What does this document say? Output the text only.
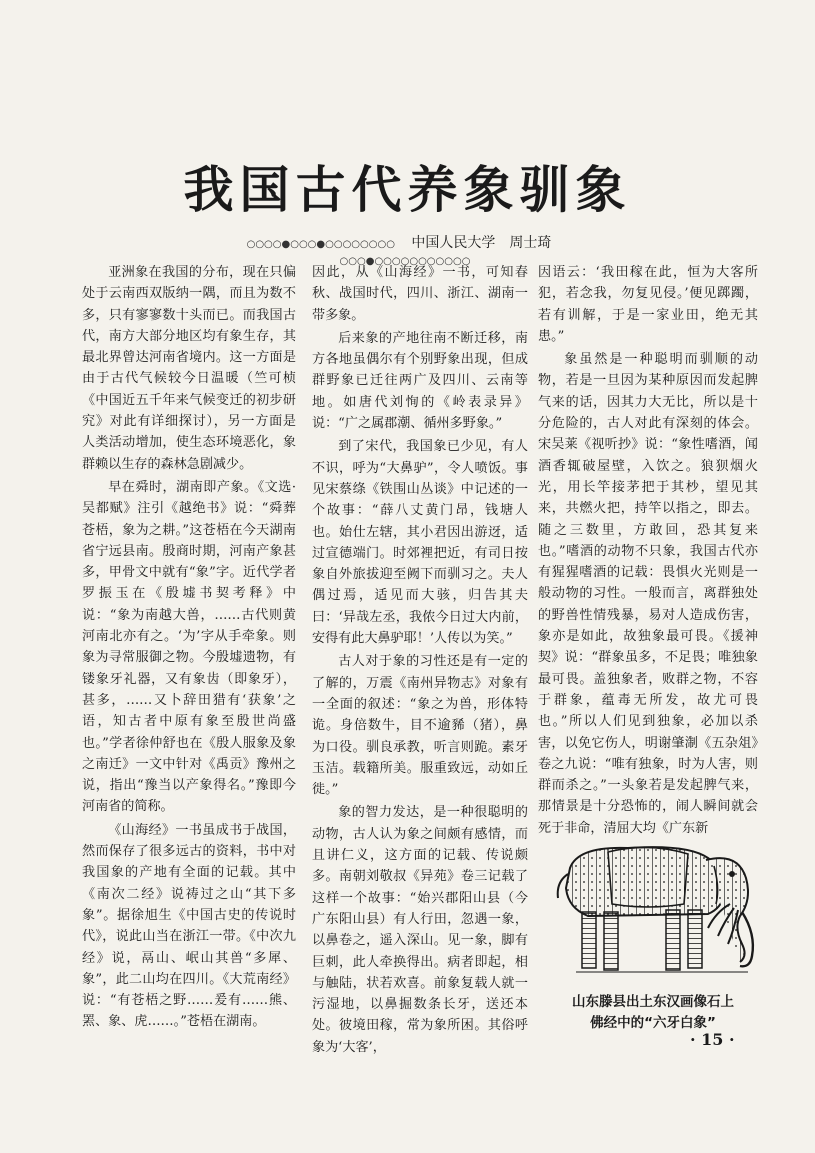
我国古代养象驯象
○○○○●○○○●○○○○○○○○ 中国人民大学　周士琦 ○○○●○○○○○○○○○○○

亚洲象在我国的分布，现在只偏处于云南西双版纳一隅，而且为数不多，只有寥寥数十头而已。而我国古代，南方大部分地区均有象生存，其最北界曾达河南省境内。这一方面是由于古代气候较今日温暖（竺可桢《中国近五千年来气候变迁的初步研究》对此有详细探讨），另一方面是人类活动增加，使生态环境恶化，象群赖以生存的森林急剧减少。

早在舜时，湖南即产象。《文选·吴都赋》注引《越绝书》说：“舜葬苍梧，象为之耕。”这苍梧在今天湖南省宁远县南。殷商时期，河南产象甚多，甲骨文中就有“象”字。近代学者罗振玉在《殷墟书契考释》中说：“象为南越大兽，……古代则黄河南北亦有之。‘为’字从手牵象。则象为寻常服御之物。今殷墟遗物，有镂象牙礼器，又有象齿（即象牙），甚多，……又卜辞田猎有‘获象’之语，知古者中原有象至殷世尚盛也。”学者徐仲舒也在《殷人服象及象之南迁》一文中针对《禹贡》豫州之说，指出“豫当以产象得名。”豫即今河南省的简称。

《山海经》一书虽成书于战国，然而保存了很多远古的资料，书中对我国象的产地有全面的记载。其中《南次二经》说祷过之山“其下多象”。据徐旭生《中国古史的传说时代》，说此山当在浙江一带。《中次九经》说，鬲山、岷山其兽“多犀、象”，此二山均在四川。《大荒南经》说：“有苍梧之野……爰有……熊、罴、象、虎……。”苍梧在湖南。

因此，从《山海经》一书，可知春秋、战国时代，四川、浙江、湖南一带多象。

后来象的产地往南不断迁移，南方各地虽偶尔有个别野象出现，但成群野象已迁往两广及四川、云南等地。如唐代刘恂的《岭表录异》说：“广之属郡潮、循州多野象。”

到了宋代，我国象已少见，有人不识，呼为“大鼻驴”，令人喷饭。事见宋蔡绦《铁围山丛谈》中记述的一个故事：“薛八丈黄门昂，钱塘人也。始仕左辖，其小君因出游迓，适过宣德端门。时郊裡把近，有司日按象自外旅拔迎至阙下而驯习之。夫人偶过焉，适见而大骇，归告其夫曰：‘异哉左丞，我侬今日过大内前，安得有此大鼻驴耶！’人传以为笑。”

古人对于象的习性还是有一定的了解的，万震《南州异物志》对象有一全面的叙述：“象之为兽，形体特诡。身倍数牛，目不逾豨（猪），鼻为口役。驯良承教，听言则跪。素牙玉洁。载籍所美。服重致远，动如丘徙。”

象的智力发达，是一种很聪明的动物，古人认为象之间颇有感情，而且讲仁义，这方面的记载、传说颇多。南朝刘敬叔《异苑》卷三记载了这样一个故事：“始兴郡阳山县（今广东阳山县）有人行田，忽遇一象，以鼻卷之，遥入深山。见一象，脚有巨刺，此人牵换得出。病者即起，相与触陆，状若欢喜。前象复载人就一污湿地，以鼻掘数条长牙，送还本处。彼境田稼，常为象所困。其俗呼象为‘大客’，

因语云：‘我田稼在此，恒为大客所犯，若念我，勿复见侵。’便见踯躅，若有训解，于是一家业田，绝无其患。”

象虽然是一种聪明而驯顺的动物，若是一旦因为某种原因而发起脾气来的话，因其力大无比，所以是十分危险的，古人对此有深刻的体会。宋吴莱《视听抄》说：“象性嗜酒，闻酒香辄破屋壁，入饮之。狼狈烟火光，用长竿接茅把于其杪，望见其来，共燃火把，持竿以指之，即去。随之三数里，方敢回，恐其复来也。”嗜酒的动物不只象，我国古代亦有猩猩嗜酒的记载：畏惧火光则是一般动物的习性。一般而言，离群独处的野兽性情残暴，易对人造成伤害，象亦是如此，故独象最可畏。《援神契》说：“群象虽多，不足畏；唯独象最可畏。盖独象者，败群之物，不容于群象，蕴毒无所发，故尤可畏也。”所以人们见到独象，必加以杀害，以免它伤人，明谢肇淛《五杂俎》卷之九说：“唯有独象，时为人害，则群而杀之。”一头象若是发起脾气来，那情景是十分恐怖的，闹人瞬间就会死于非命，清屈大均《广东新

山东滕县出土东汉画像石上
佛经中的“六牙白象”
· 15 ·
